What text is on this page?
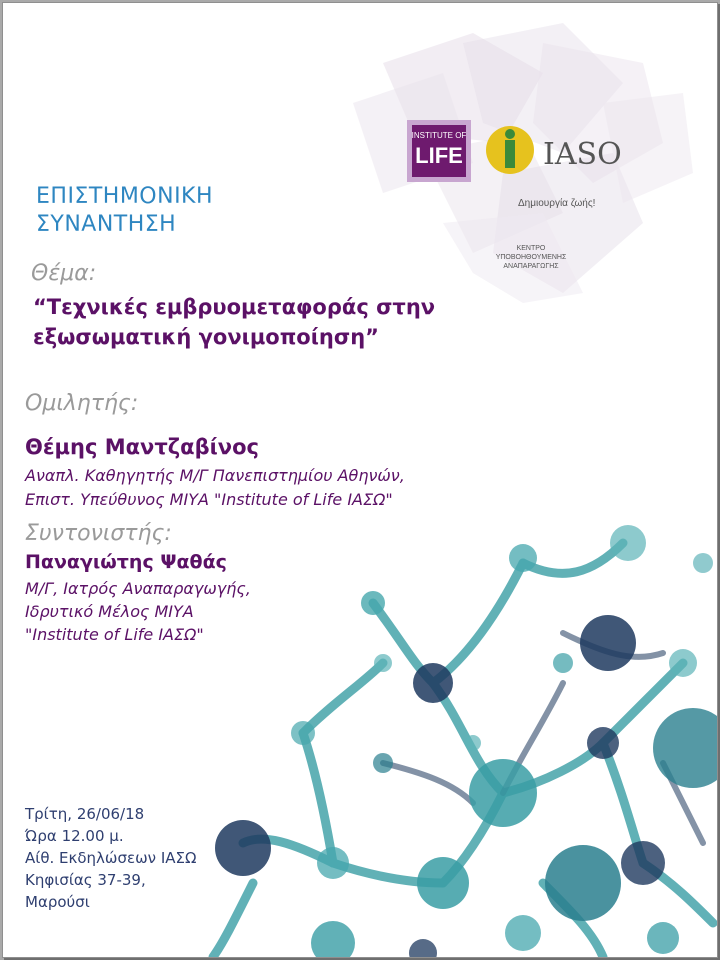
INSTITUTE OF
LIFE	IASO
Δημιουργία ζωής!
ΚΕΝΤΡΟ
ΥΠΟΒΟΗΘΟΥΜΕΝΗΣ
ΑΝΑΠΑΡΑΓΩΓΗΣ
ΕΠΙΣΤΗΜΟΝΙΚΗ
ΣΥΝΑΝΤΗΣΗ
Θέμα:
“Τεχνικές εμβρυομεταφοράς στην
εξωσωματική γονιμοποίηση”
Ομιλητής:
Θέμης Μαντζαβίνος
Αναπλ. Καθηγητής Μ/Γ Πανεπιστημίου Αθηνών,
Επιστ. Υπεύθυνος ΜΙΥΑ "Institute of Life ΙΑΣΩ"
Συντονιστής:
Παναγιώτης Ψαθάς
Μ/Γ, Ιατρός Αναπαραγωγής,
Ιδρυτικό Μέλος ΜΙΥΑ
"Institute of Life ΙΑΣΩ"
Τρίτη, 26/06/18
Ώρα 12.00 μ.
Αίθ. Εκδηλώσεων ΙΑΣΩ
Κηφισίας 37-39,
Μαρούσι
